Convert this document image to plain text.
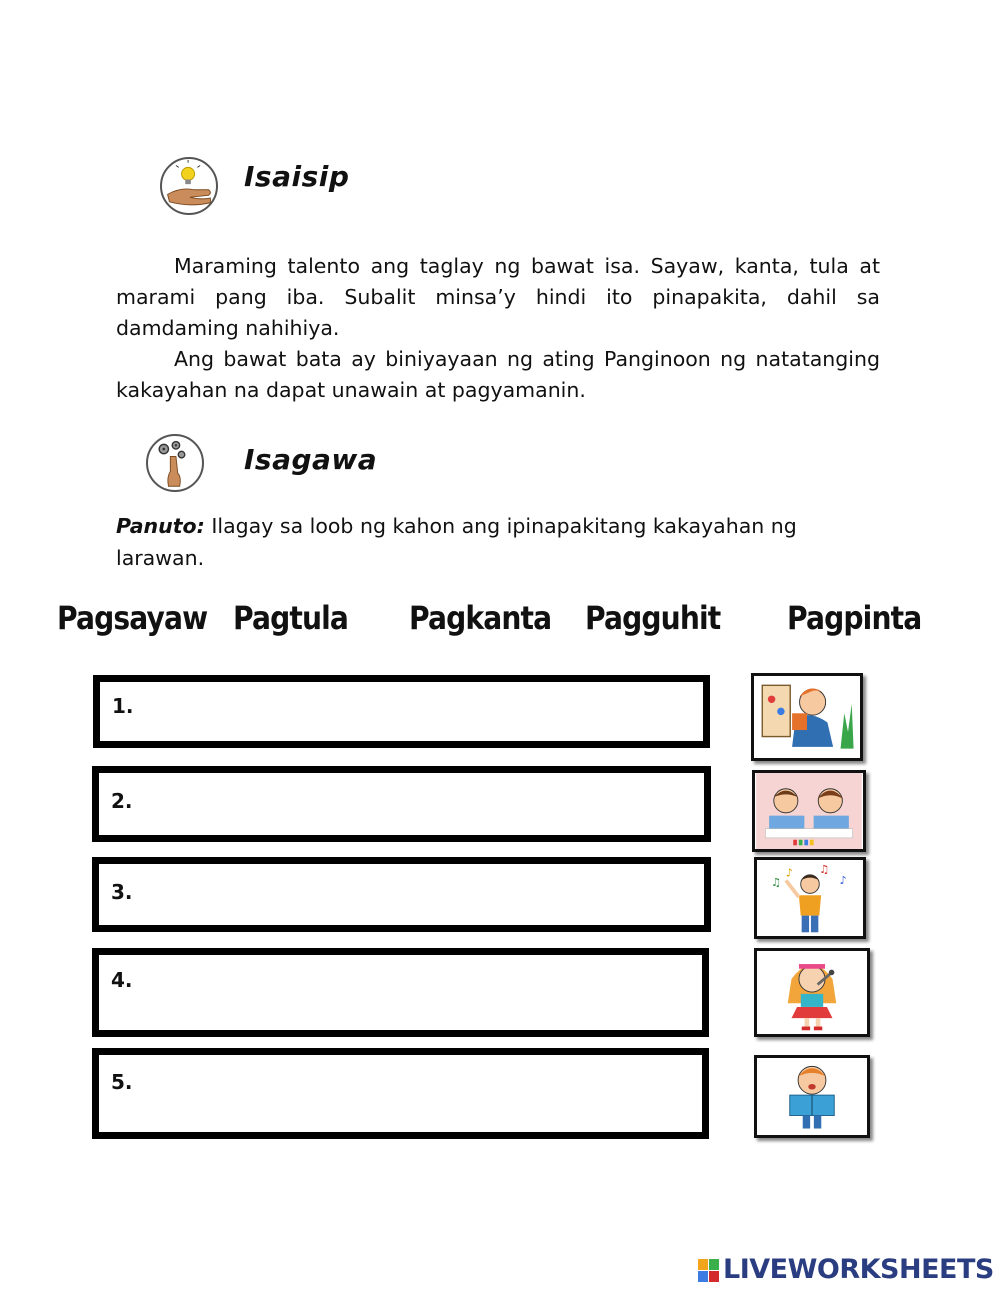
Isaisip

Maraming talento ang taglay ng bawat isa. Sayaw, kanta, tula at marami pang iba. Subalit minsa’y hindi ito pinapakita, dahil sa damdaming nahihiya.

Ang bawat bata ay biniyayaan ng ating Panginoon ng natatanging kakayahan na dapat unawain at pagyamanin.

Isagawa
Panuto: Ilagay sa loob ng kahon ang ipinapakitang kakayahan ng larawan.
Pagsayaw Pagtula Pagkanta Pagguhit Pagpinta
1.
2.
3.
4.
5.
♫
♪ ♫
♪
LIVEWORKSHEETS
